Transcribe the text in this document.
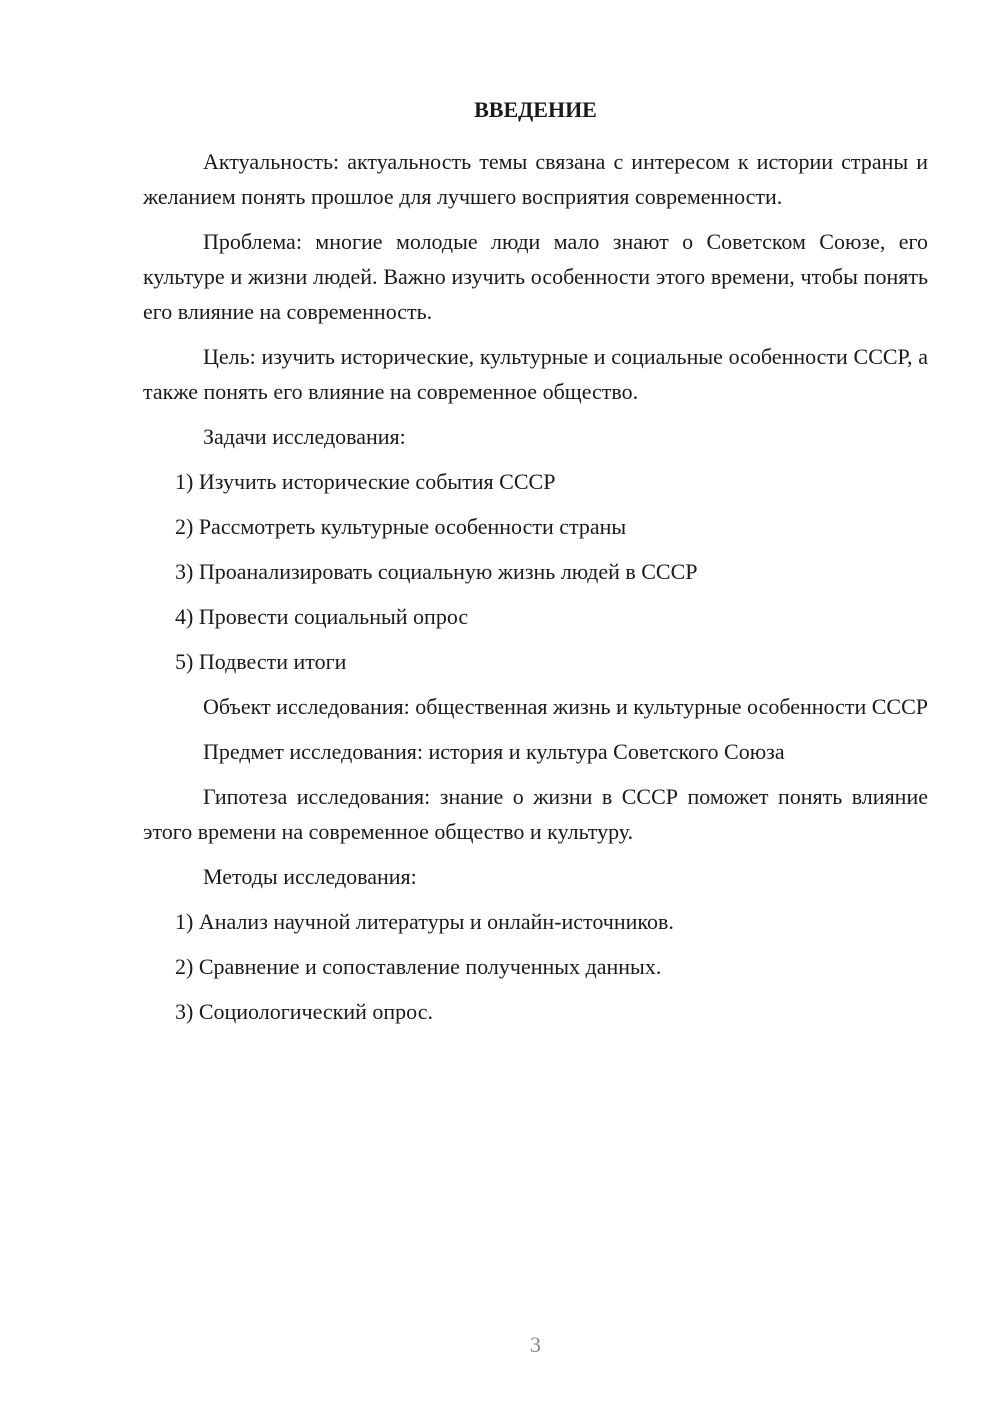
ВВЕДЕНИЕ

Актуальность: актуальность темы связана с интересом к истории страны и желанием понять прошлое для лучшего восприятия современности.

Проблема: многие молодые люди мало знают о Советском Союзе, его культуре и жизни людей. Важно изучить особенности этого времени, чтобы понять его влияние на современность.

Цель: изучить исторические, культурные и социальные особенности СССР, а также понять его влияние на современное общество.

Задачи исследования:

1) Изучить исторические события СССР

2) Рассмотреть культурные особенности страны

3) Проанализировать социальную жизнь людей в СССР

4) Провести социальный опрос

5) Подвести итоги

Объект исследования: общественная жизнь и культурные особенности СССР

Предмет исследования: история и культура Советского Союза

Гипотеза исследования: знание о жизни в СССР поможет понять влияние этого времени на современное общество и культуру.

Методы исследования:

1) Анализ научной литературы и онлайн-источников.

2) Сравнение и сопоставление полученных данных.

3) Социологический опрос.

3
